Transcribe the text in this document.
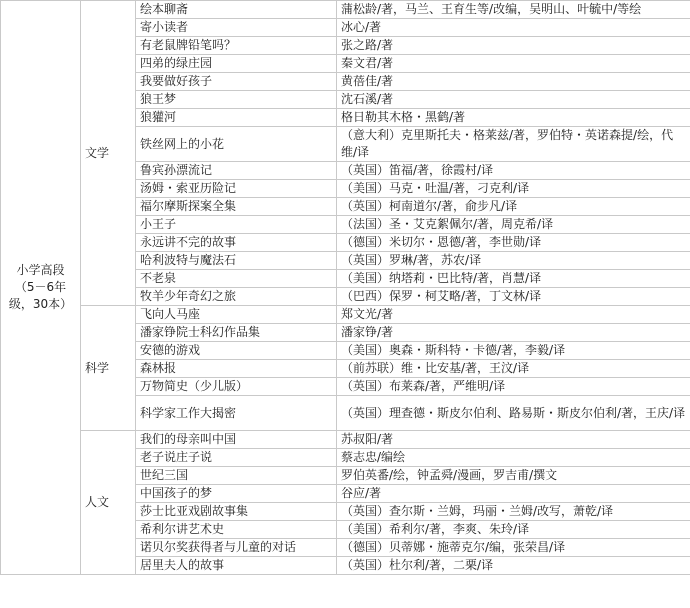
小学高段
（5－6年级，30本）	文学	绘本聊斋	蒲松龄/著，马兰、王育生等/改编，吴明山、叶毓中/等绘
		寄小读者	冰心/著
		有老鼠牌铅笔吗？	张之路/著
		四弟的绿庄园	秦文君/著
		我要做好孩子	黄蓓佳/著
		狼王梦	沈石溪/著
		狼獾河	格日勒其木格・黑鹤/著
		铁丝网上的小花	（意大利）克里斯托夫・格莱兹/著，罗伯特・英诺森提/绘，代维/译
		鲁宾孙漂流记	（英国）笛福/著，徐霞村/译
		汤姆・索亚历险记	（美国）马克・吐温/著，刁克利/译
		福尔摩斯探案全集	（英国）柯南道尔/著，俞步凡/译
		小王子	（法国）圣・艾克絮佩尔/著，周克希/译
		永远讲不完的故事	（德国）米切尔・恩德/著，李世勋/译
		哈利波特与魔法石	（英国）罗琳/著，苏农/译
		不老泉	（美国）纳塔莉・巴比特/著，肖慧/译
		牧羊少年奇幻之旅	（巴西）保罗・柯艾略/著，丁文林/译
	科学	飞向人马座	郑文光/著
		潘家铮院士科幻作品集	潘家铮/著
		安德的游戏	（美国）奥森・斯科特・卡德/著，李毅/译
		森林报	（前苏联）维・比安基/著，王汶/译
		万物简史（少儿版）	（英国）布莱森/著，严维明/译
		科学家工作大揭密	（英国）理查德・斯皮尔伯利、路易斯・斯皮尔伯利/著，王庆/译
	人文	我们的母亲叫中国	苏叔阳/著
		老子说庄子说	蔡志忠/编绘
		世纪三国	罗伯英番/绘，钟孟舜/漫画，罗吉甫/撰文
		中国孩子的梦	谷应/著
		莎士比亚戏剧故事集	（英国）查尔斯・兰姆，玛丽・兰姆/改写，萧乾/译
		希利尔讲艺术史	（美国）希利尔/著，李爽、朱玲/译
		诺贝尔奖获得者与儿童的对话	（德国）贝蒂娜・施蒂克尔/编，张荣昌/译
		居里夫人的故事	（英国）杜尔利/著，二栗/译
